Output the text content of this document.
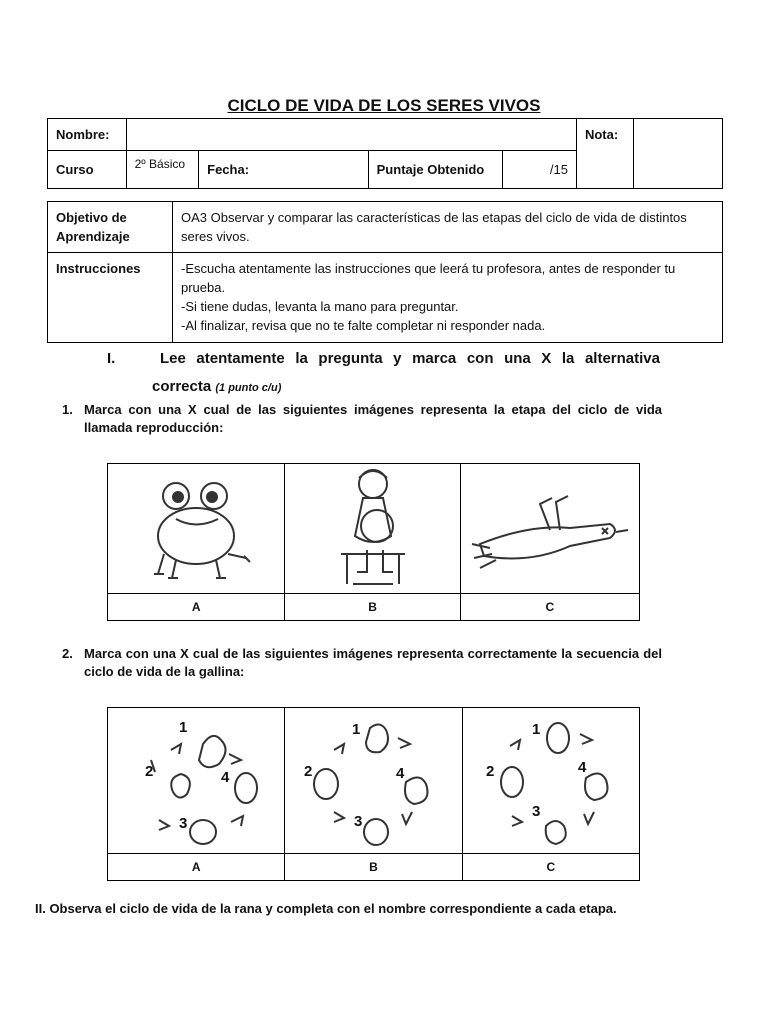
CICLO DE VIDA DE LOS SERES VIVOS
Nombre:					Nota:	
Curso	2º Básico	Fecha:	Puntaje Obtenido	/15		
Objetivo de Aprendizaje	OA3 Observar y comparar las características de las etapas del ciclo de vida de distintos seres vivos.
Instrucciones	-Escucha atentamente las instrucciones que leerá tu profesora, antes de responder tu prueba.
-Si tiene dudas, levanta la mano para preguntar.
-Al finalizar, revisa que no te falte completar ni responder nada.
I.	Lee atentamente la pregunta y marca con una X la alternativa
correcta (1 punto c/u)
1. Marca con una X cual de las siguientes imágenes representa la etapa del ciclo de vida llamada reproducción:

A	B	C
2. Marca con una X cual de las siguientes imágenes representa correctamente la secuencia del ciclo de vida de la gallina:
1
2
3
4	1
2
3
4	1
2
3
4

A	B	C
II. Observa el ciclo de vida de la rana y completa con el nombre correspondiente a cada etapa.
